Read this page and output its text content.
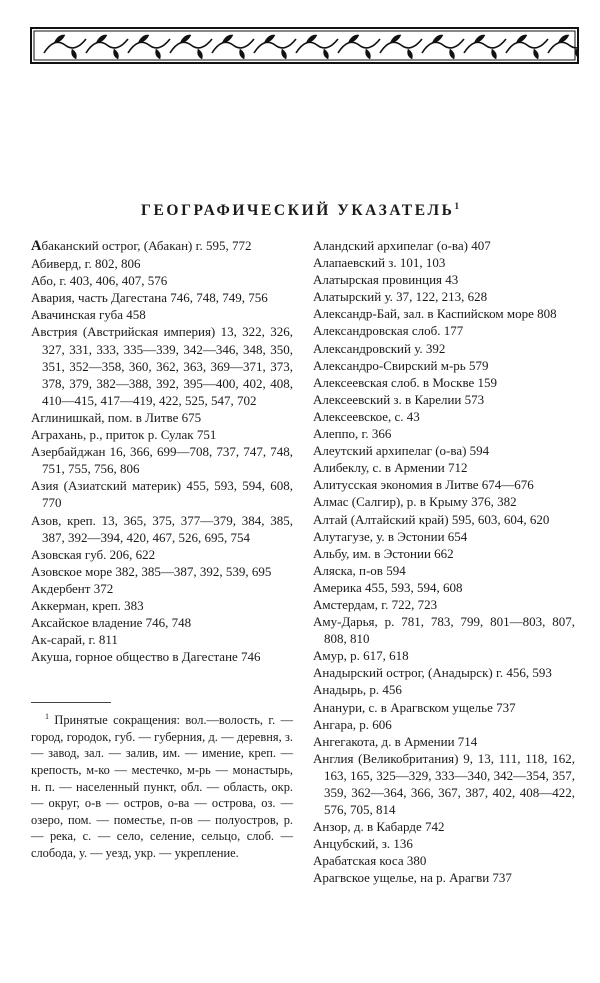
ГЕОГРАФИЧЕСКИЙ УКАЗАТЕЛЬ$^1$

Абаканский острог, (Абакан) г. 595, 772

Абиверд, г. 802, 806

Або, г. 403, 406, 407, 576

Авария, часть Дагестана 746, 748, 749, 756

Авачинская губа 458

Австрия (Австрийская империя) 13, 322, 326, 327, 331, 333, 335—339, 342—346, 348, 350, 351, 352—358, 360, 362, 363, 369—371, 373, 378, 379, 382—388, 392, 395—400, 402, 408, 410—415, 417—419, 422, 525, 547, 702

Аглинишкай, пом. в Литве 675

Аграхань, р., приток р. Сулак 751

Азербайджан 16, 366, 699—708, 737, 747, 748, 751, 755, 756, 806

Азия (Азиатский материк) 455, 593, 594, 608, 770

Азов, креп. 13, 365, 375, 377—379, 384, 385, 387, 392—394, 420, 467, 526, 695, 754

Азовская губ. 206, 622

Азовское море 382, 385—387, 392, 539, 695

Акдербент 372

Аккерман, креп. 383

Аксайское владение 746, 748

Ак-сарай, г. 811

Акуша, горное общество в Дагестане 746

$^1$ Принятые сокращения: вол.—волость, г. — город, городок, губ. — губерния, д. — деревня, з. — завод, зал. — залив, им. — имение, креп. — крепость, м-ко — местечко, м-рь — монастырь, н. п. — населенный пункт, обл. — область, окр. — округ, о-в — остров, о-ва — острова, оз. — озеро, пом. — поместье, п-ов — полуостров, р. — река, с. — село, селение, сельцо, слоб. — слобода, у. — уезд, укр. — укрепление.

Аландский архипелаг (о-ва) 407

Алапаевский з. 101, 103

Алатырская провинция 43

Алатырский у. 37, 122, 213, 628

Александр-Бай, зал. в Каспийском море 808

Александровская слоб. 177

Александровский у. 392

Александро-Свирский м-рь 579

Алексеевская слоб. в Москве 159

Алексеевский з. в Карелии 573

Алексеевское, с. 43

Алеппо, г. 366

Алеутский архипелаг (о-ва) 594

Алибеклу, с. в Армении 712

Алитусская экономия в Литве 674—676

Алмас (Салгир), р. в Крыму 376, 382

Алтай (Алтайский край) 595, 603, 604, 620

Алутагузе, у. в Эстонии 654

Альбу, им. в Эстонии 662

Аляска, п-ов 594

Америка 455, 593, 594, 608

Амстердам, г. 722, 723

Аму-Дарья, р. 781, 783, 799, 801—803, 807, 808, 810

Амур, р. 617, 618

Анадырский острог, (Анадырск) г. 456, 593

Анадырь, р. 456

Ананури, с. в Арагвском ущелье 737

Ангара, р. 606

Ангегакота, д. в Армении 714

Англия (Великобритания) 9, 13, 111, 118, 162, 163, 165, 325—329, 333—340, 342—354, 357, 359, 362—364, 366, 367, 387, 402, 408—422, 576, 705, 814

Анзор, д. в Кабарде 742

Анцубский, з. 136

Арабатская коса 380

Арагвское ущелье, на р. Арагви 737
